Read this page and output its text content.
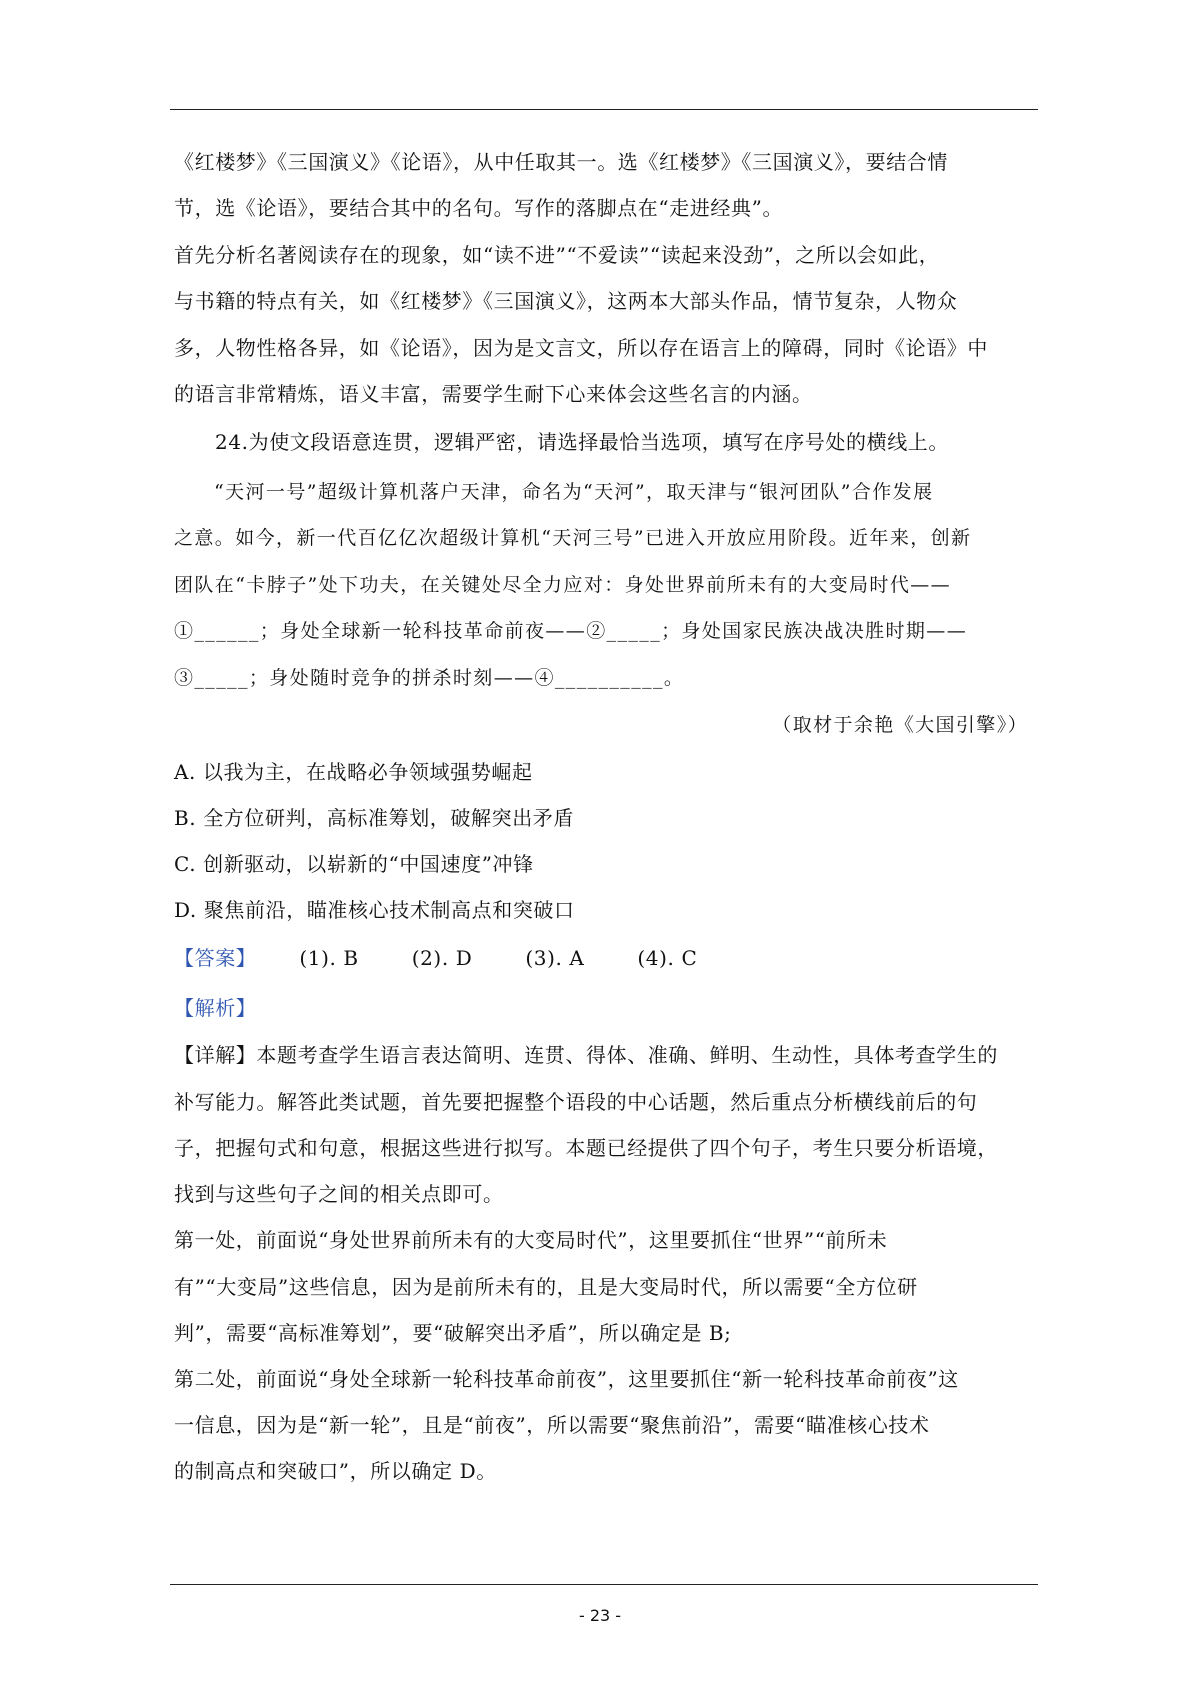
《红楼梦》《三国演义》《论语》，从中任取其一。选《红楼梦》《三国演义》，要结合情
节，选《论语》，要结合其中的名句。写作的落脚点在“走进经典”。
首先分析名著阅读存在的现象，如“读不进”“不爱读”“读起来没劲”，之所以会如此，
与书籍的特点有关，如《红楼梦》《三国演义》，这两本大部头作品，情节复杂，人物众
多，人物性格各异，如《论语》，因为是文言文，所以存在语言上的障碍，同时《论语》中
的语言非常精炼，语义丰富，需要学生耐下心来体会这些名言的内涵。
24.为使文段语意连贯，逻辑严密，请选择最恰当选项，填写在序号处的横线上。
“天河一号”超级计算机落户天津，命名为“天河”，取天津与“银河团队”合作发展
之意。如今，新一代百亿亿次超级计算机“天河三号”已进入开放应用阶段。近年来，创新
团队在“卡脖子”处下功夫，在关键处尽全力应对：身处世界前所未有的大变局时代——
①______；身处全球新一轮科技革命前夜——②_____；身处国家民族决战决胜时期——
③_____；身处随时竞争的拼杀时刻——④__________。
（取材于余艳《大国引擎》）
A. 以我为主，在战略必争领域强势崛起
B. 全方位研判，高标准筹划，破解突出矛盾
C. 创新驱动，以崭新的“中国速度”冲锋
D. 聚焦前沿，瞄准核心技术制高点和突破口
【答案】 (1). B	(2). D	(3). A	(4). C
【解析】
【详解】本题考查学生语言表达简明、连贯、得体、准确、鲜明、生动性，具体考查学生的
补写能力。解答此类试题，首先要把握整个语段的中心话题，然后重点分析横线前后的句
子，把握句式和句意，根据这些进行拟写。本题已经提供了四个句子，考生只要分析语境，
找到与这些句子之间的相关点即可。
第一处，前面说“身处世界前所未有的大变局时代”，这里要抓住“世界”“前所未
有”“大变局”这些信息，因为是前所未有的，且是大变局时代，所以需要“全方位研
判”，需要“高标准筹划”，要“破解突出矛盾”，所以确定是 B;
第二处，前面说“身处全球新一轮科技革命前夜”，这里要抓住“新一轮科技革命前夜”这
一信息，因为是“新一轮”，且是“前夜”，所以需要“聚焦前沿”，需要“瞄准核心技术
的制高点和突破口”，所以确定 D。
- 23 -
